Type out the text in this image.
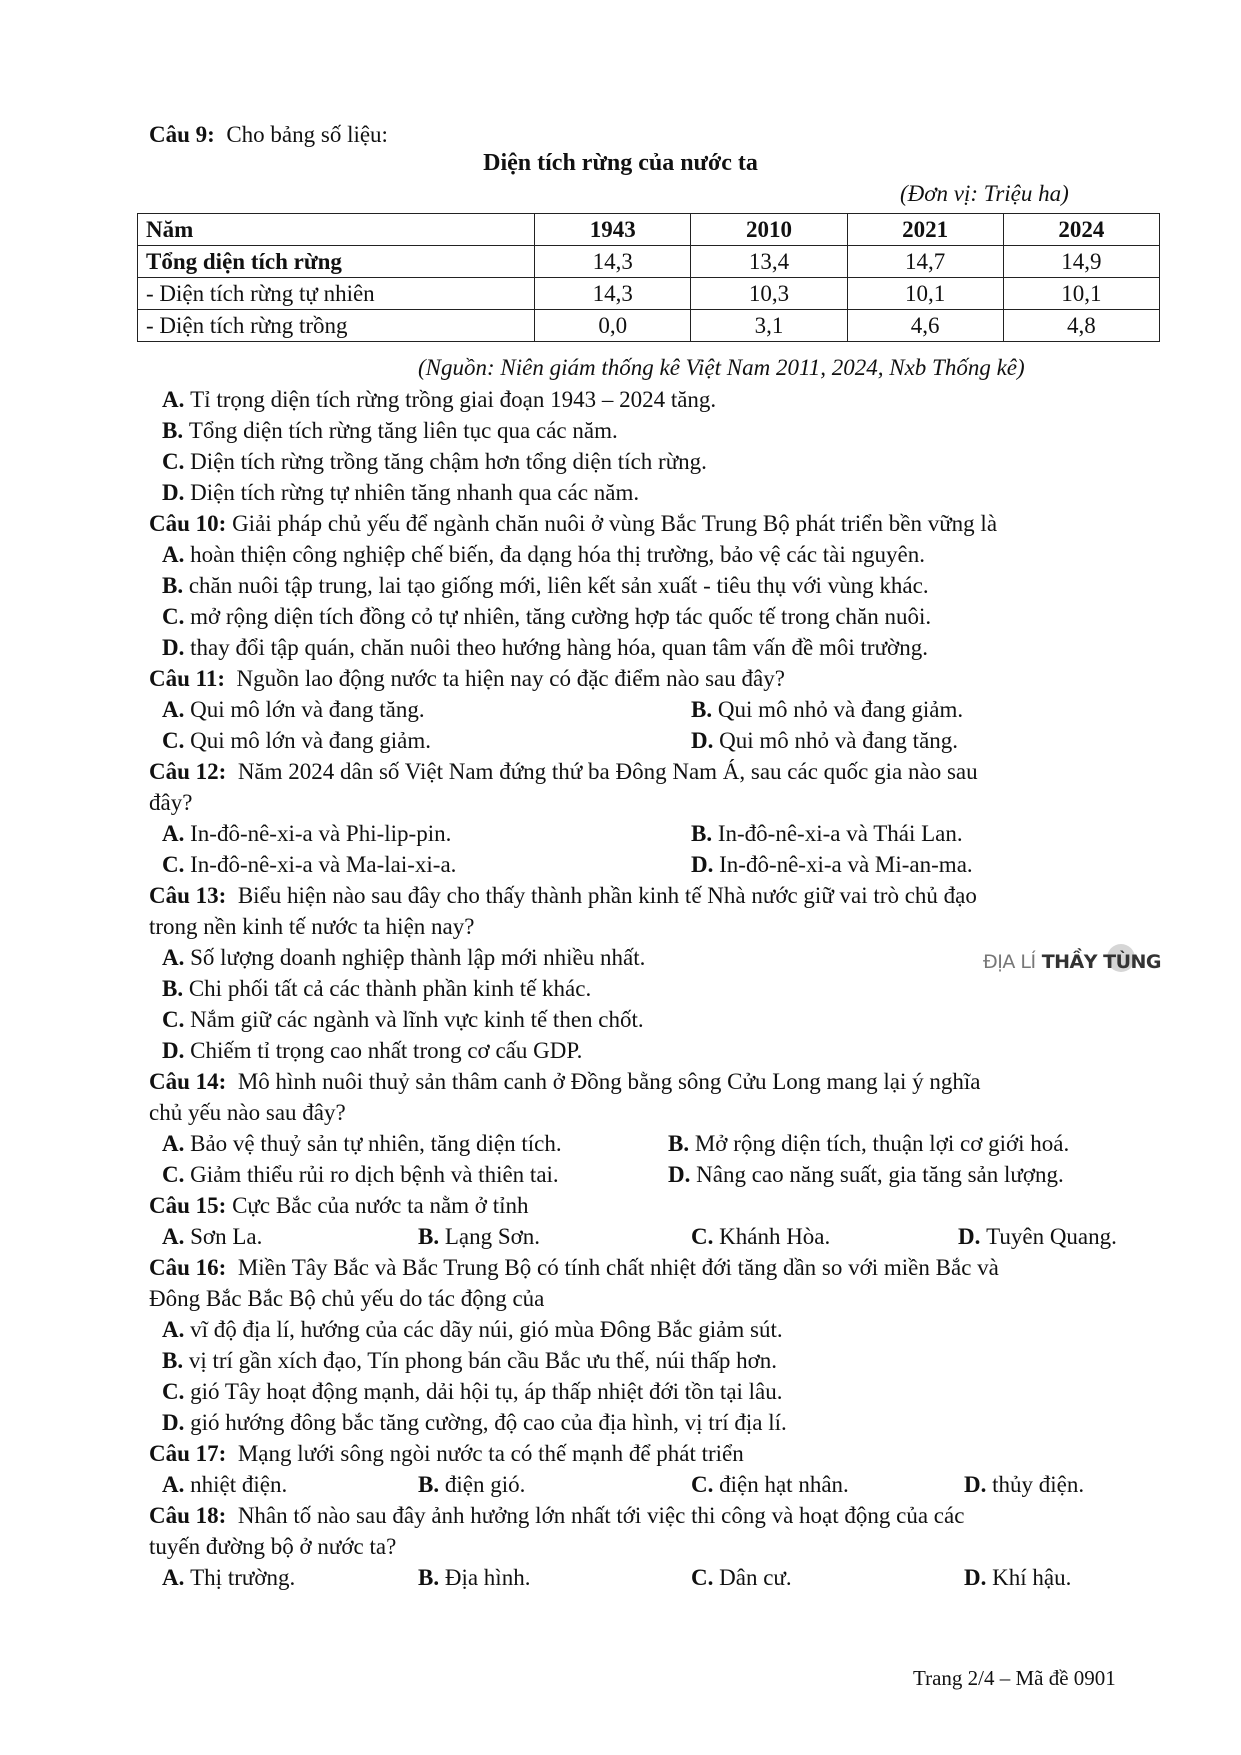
Câu 9: Cho bảng số liệu:
Diện tích rừng của nước ta
(Đơn vị: Triệu ha)
Năm	1943	2010	2021	2024
Tổng diện tích rừng	14,3	13,4	14,7	14,9
- Diện tích rừng tự nhiên	14,3	10,3	10,1	10,1
- Diện tích rừng trồng	0,0	3,1	4,6	4,8
(Nguồn: Niên giám thống kê Việt Nam 2011, 2024, Nxb Thống kê)
A. Tỉ trọng diện tích rừng trồng giai đoạn 1943 – 2024 tăng.
B. Tổng diện tích rừng tăng liên tục qua các năm.
C. Diện tích rừng trồng tăng chậm hơn tổng diện tích rừng.
D. Diện tích rừng tự nhiên tăng nhanh qua các năm.
Câu 10: Giải pháp chủ yếu để ngành chăn nuôi ở vùng Bắc Trung Bộ phát triển bền vững là
A. hoàn thiện công nghiệp chế biến, đa dạng hóa thị trường, bảo vệ các tài nguyên.
B. chăn nuôi tập trung, lai tạo giống mới, liên kết sản xuất - tiêu thụ với vùng khác.
C. mở rộng diện tích đồng cỏ tự nhiên, tăng cường hợp tác quốc tế trong chăn nuôi.
D. thay đổi tập quán, chăn nuôi theo hướng hàng hóa, quan tâm vấn đề môi trường.
Câu 11: Nguồn lao động nước ta hiện nay có đặc điểm nào sau đây?
A. Qui mô lớn và đang tăng.	B. Qui mô nhỏ và đang giảm.
C. Qui mô lớn và đang giảm.	D. Qui mô nhỏ và đang tăng.
Câu 12: Năm 2024 dân số Việt Nam đứng thứ ba Đông Nam Á, sau các quốc gia nào sau
đây?
A. In-đô-nê-xi-a và Phi-lip-pin.	B. In-đô-nê-xi-a và Thái Lan.
C. In-đô-nê-xi-a và Ma-lai-xi-a.	D. In-đô-nê-xi-a và Mi-an-ma.
Câu 13: Biểu hiện nào sau đây cho thấy thành phần kinh tế Nhà nước giữ vai trò chủ đạo
trong nền kinh tế nước ta hiện nay?
A. Số lượng doanh nghiệp thành lập mới nhiều nhất.
B. Chi phối tất cả các thành phần kinh tế khác.
C. Nắm giữ các ngành và lĩnh vực kinh tế then chốt.
D. Chiếm tỉ trọng cao nhất trong cơ cấu GDP.
ĐỊA LÍ THẦY TÙNG
Câu 14: Mô hình nuôi thuỷ sản thâm canh ở Đồng bằng sông Cửu Long mang lại ý nghĩa
chủ yếu nào sau đây?
A. Bảo vệ thuỷ sản tự nhiên, tăng diện tích.	B. Mở rộng diện tích, thuận lợi cơ giới hoá.
C. Giảm thiểu rủi ro dịch bệnh và thiên tai.	D. Nâng cao năng suất, gia tăng sản lượng.
Câu 15: Cực Bắc của nước ta nằm ở tỉnh
A. Sơn La.	B. Lạng Sơn.	C. Khánh Hòa.	D. Tuyên Quang.
Câu 16: Miền Tây Bắc và Bắc Trung Bộ có tính chất nhiệt đới tăng dần so với miền Bắc và
Đông Bắc Bắc Bộ chủ yếu do tác động của
A. vĩ độ địa lí, hướng của các dãy núi, gió mùa Đông Bắc giảm sút.
B. vị trí gần xích đạo, Tín phong bán cầu Bắc ưu thế, núi thấp hơn.
C. gió Tây hoạt động mạnh, dải hội tụ, áp thấp nhiệt đới tồn tại lâu.
D. gió hướng đông bắc tăng cường, độ cao của địa hình, vị trí địa lí.
Câu 17: Mạng lưới sông ngòi nước ta có thế mạnh để phát triển
A. nhiệt điện.	B. điện gió.	C. điện hạt nhân.	D. thủy điện.
Câu 18: Nhân tố nào sau đây ảnh hưởng lớn nhất tới việc thi công và hoạt động của các
tuyến đường bộ ở nước ta?
A. Thị trường.	B. Địa hình.	C. Dân cư.	D. Khí hậu.
Trang 2/4 – Mã đề 0901
